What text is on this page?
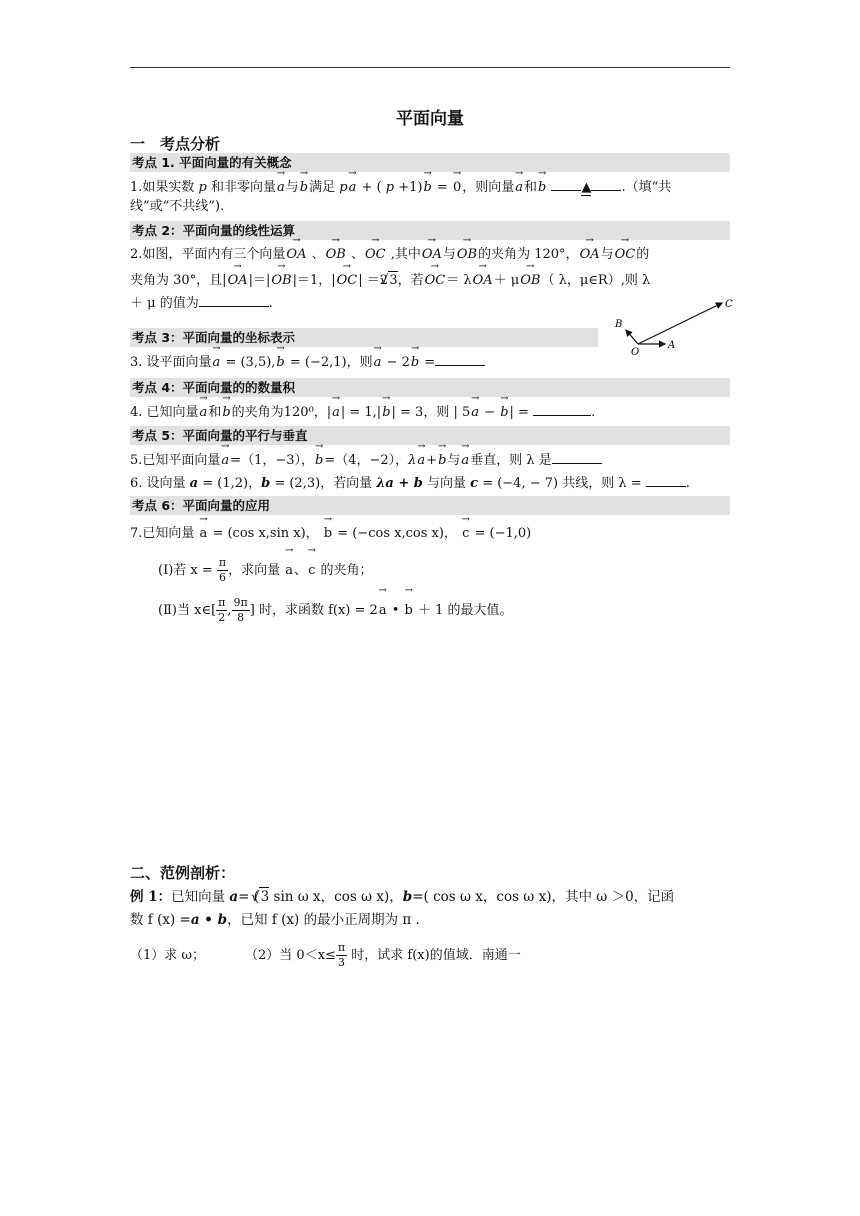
平面向量
一　考点分析
考点 1. 平面向量的有关概念
1.如果实数 p 和非零向量→ a与→ b满足 p→ a + ( p +1)→ b = → 0，则向量→ a和→ b	▲ .（填“共
线”或“不共线”).
考点 2：平面向量的线性运算
2.如图，平面内有三个向量→ OA 、→ OB 、→ OC ,其中→ OA与→ OB的夹角为 120°，→ OA与→ OC的
夹角为 30°，且|→ OA|＝|→ OB|＝1，|→ OC| ＝2√ 3，若→ OC＝ λ→ OA＋ μ→ OB（ λ，μ∈R）,则 λ
＋ μ 的值为	.	C
B
O
A
考点 3：平面向量的坐标表示
3. 设平面向量→ a = (3,5),→ b = (−2,1)，则→ a − 2→ b =
考点 4：平面向量的的数量积
4. 已知向量→ a和→ b的夹角为120⁰，|→ a| = 1,|→ b| = 3，则 | 5→ a − → b| =	.
考点 5：平面向量的平行与垂直
5.已知平面向量→ a=（1，−3），→ b=（4，−2），λ→ a+→ b与→ a垂直，则 λ 是
6. 设向量 a = (1,2)，b = (2,3)，若向量 λa + b 与向量 c = (−4, − 7) 共线，则 λ =	.
考点 6：平面向量的应用
7.已知向量 → a = (cos x,sin x)， → b = (−cos x,cos x)， → c = (−1,0)
(Ⅰ)若 $x = \frac{\pi}{6}$ ，求向量 → a、→ c 的夹角；
(Ⅱ)当 x∈[ $\frac{\pi}{2}$ , $\frac{9\pi}{8}$ ] 时，求函数 f(x) = 2→ a • → b ＋ 1 的最大值。
二、范例剖析：
例 1：已知向量 a= ( √ 3 sin ω x，cos ω x)，b=( cos ω x，cos ω x)，其中 ω ＞0，记函
数 f (x) =a • b，已知 f (x) 的最小正周期为 π .
（1）求 ω；	（2）当 $0<x\le \frac{\pi}{3}$ 时，试求 f(x)的值域．南通一
